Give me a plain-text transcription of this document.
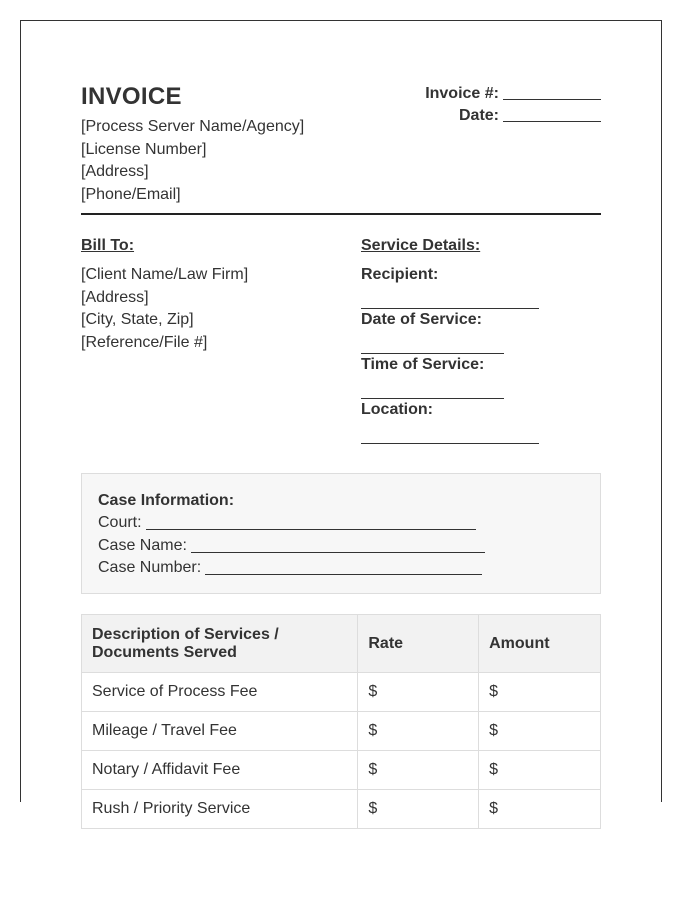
INVOICE
[Process Server Name/Agency]
[License Number]
[Address]
[Phone/Email]
Invoice #:
Date:
Bill To:
[Client Name/Law Firm]
[Address]
[City, State, Zip]
[Reference/File #]
Service Details:
Recipient:
Date of Service:
Time of Service:
Location:
Case Information:
Court:
Case Name:
Case Number:
Description of Services / Documents Served	Rate	Amount
Service of Process Fee	$	$
Mileage / Travel Fee	$	$
Notary / Affidavit Fee	$	$
Rush / Priority Service	$	$
